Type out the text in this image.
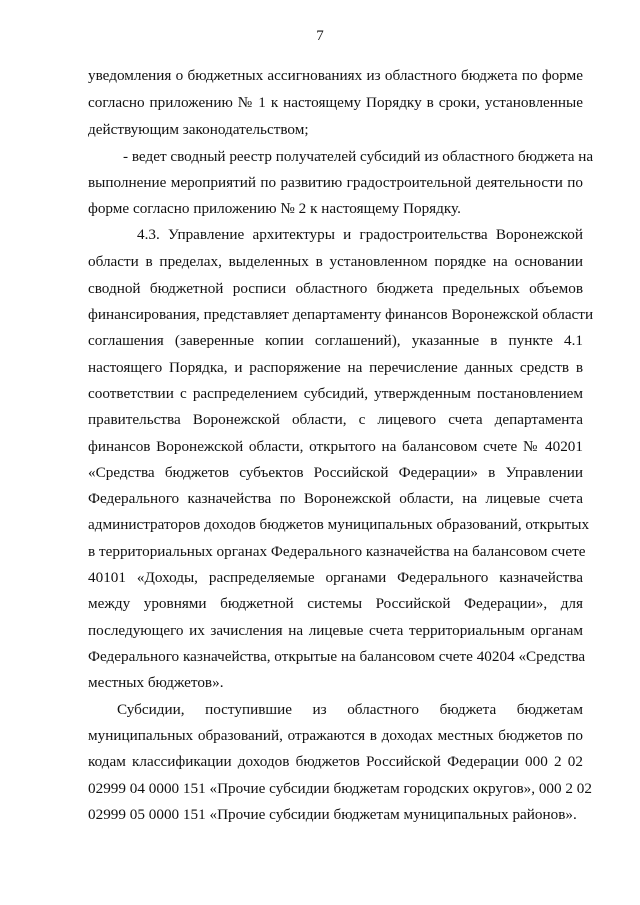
7

уведомления о бюджетных ассигнованиях из областного бюджета по форме

согласно приложению № 1 к настоящему Порядку в сроки, установленные

действующим законодательством;

- ведет сводный реестр получателей субсидий из областного бюджета на

выполнение мероприятий по развитию градостроительной деятельности по

форме согласно приложению № 2 к настоящему Порядку.

4.3. Управление архитектуры и градостроительства Воронежской

области в пределах, выделенных в установленном порядке на основании

сводной бюджетной росписи областного бюджета предельных объемов

финансирования, представляет департаменту финансов Воронежской области

соглашения (заверенные копии соглашений), указанные в пункте 4.1

настоящего Порядка, и распоряжение на перечисление данных средств в

соответствии с распределением субсидий, утвержденным постановлением

правительства Воронежской области, с лицевого счета департамента

финансов Воронежской области, открытого на балансовом счете № 40201

«Средства бюджетов субъектов Российской Федерации» в Управлении

Федерального казначейства по Воронежской области, на лицевые счета

администраторов доходов бюджетов муниципальных образований, открытых

в территориальных органах Федерального казначейства на балансовом счете

40101 «Доходы, распределяемые органами Федерального казначейства

между уровнями бюджетной системы Российской Федерации», для

последующего их зачисления на лицевые счета территориальным органам

Федерального казначейства, открытые на балансовом счете 40204 «Средства

местных бюджетов».

Субсидии, поступившие из областного бюджета бюджетам

муниципальных образований, отражаются в доходах местных бюджетов по

кодам классификации доходов бюджетов Российской Федерации 000 2 02

02999 04 0000 151 «Прочие субсидии бюджетам городских округов», 000 2 02

02999 05 0000 151 «Прочие субсидии бюджетам муниципальных районов».
